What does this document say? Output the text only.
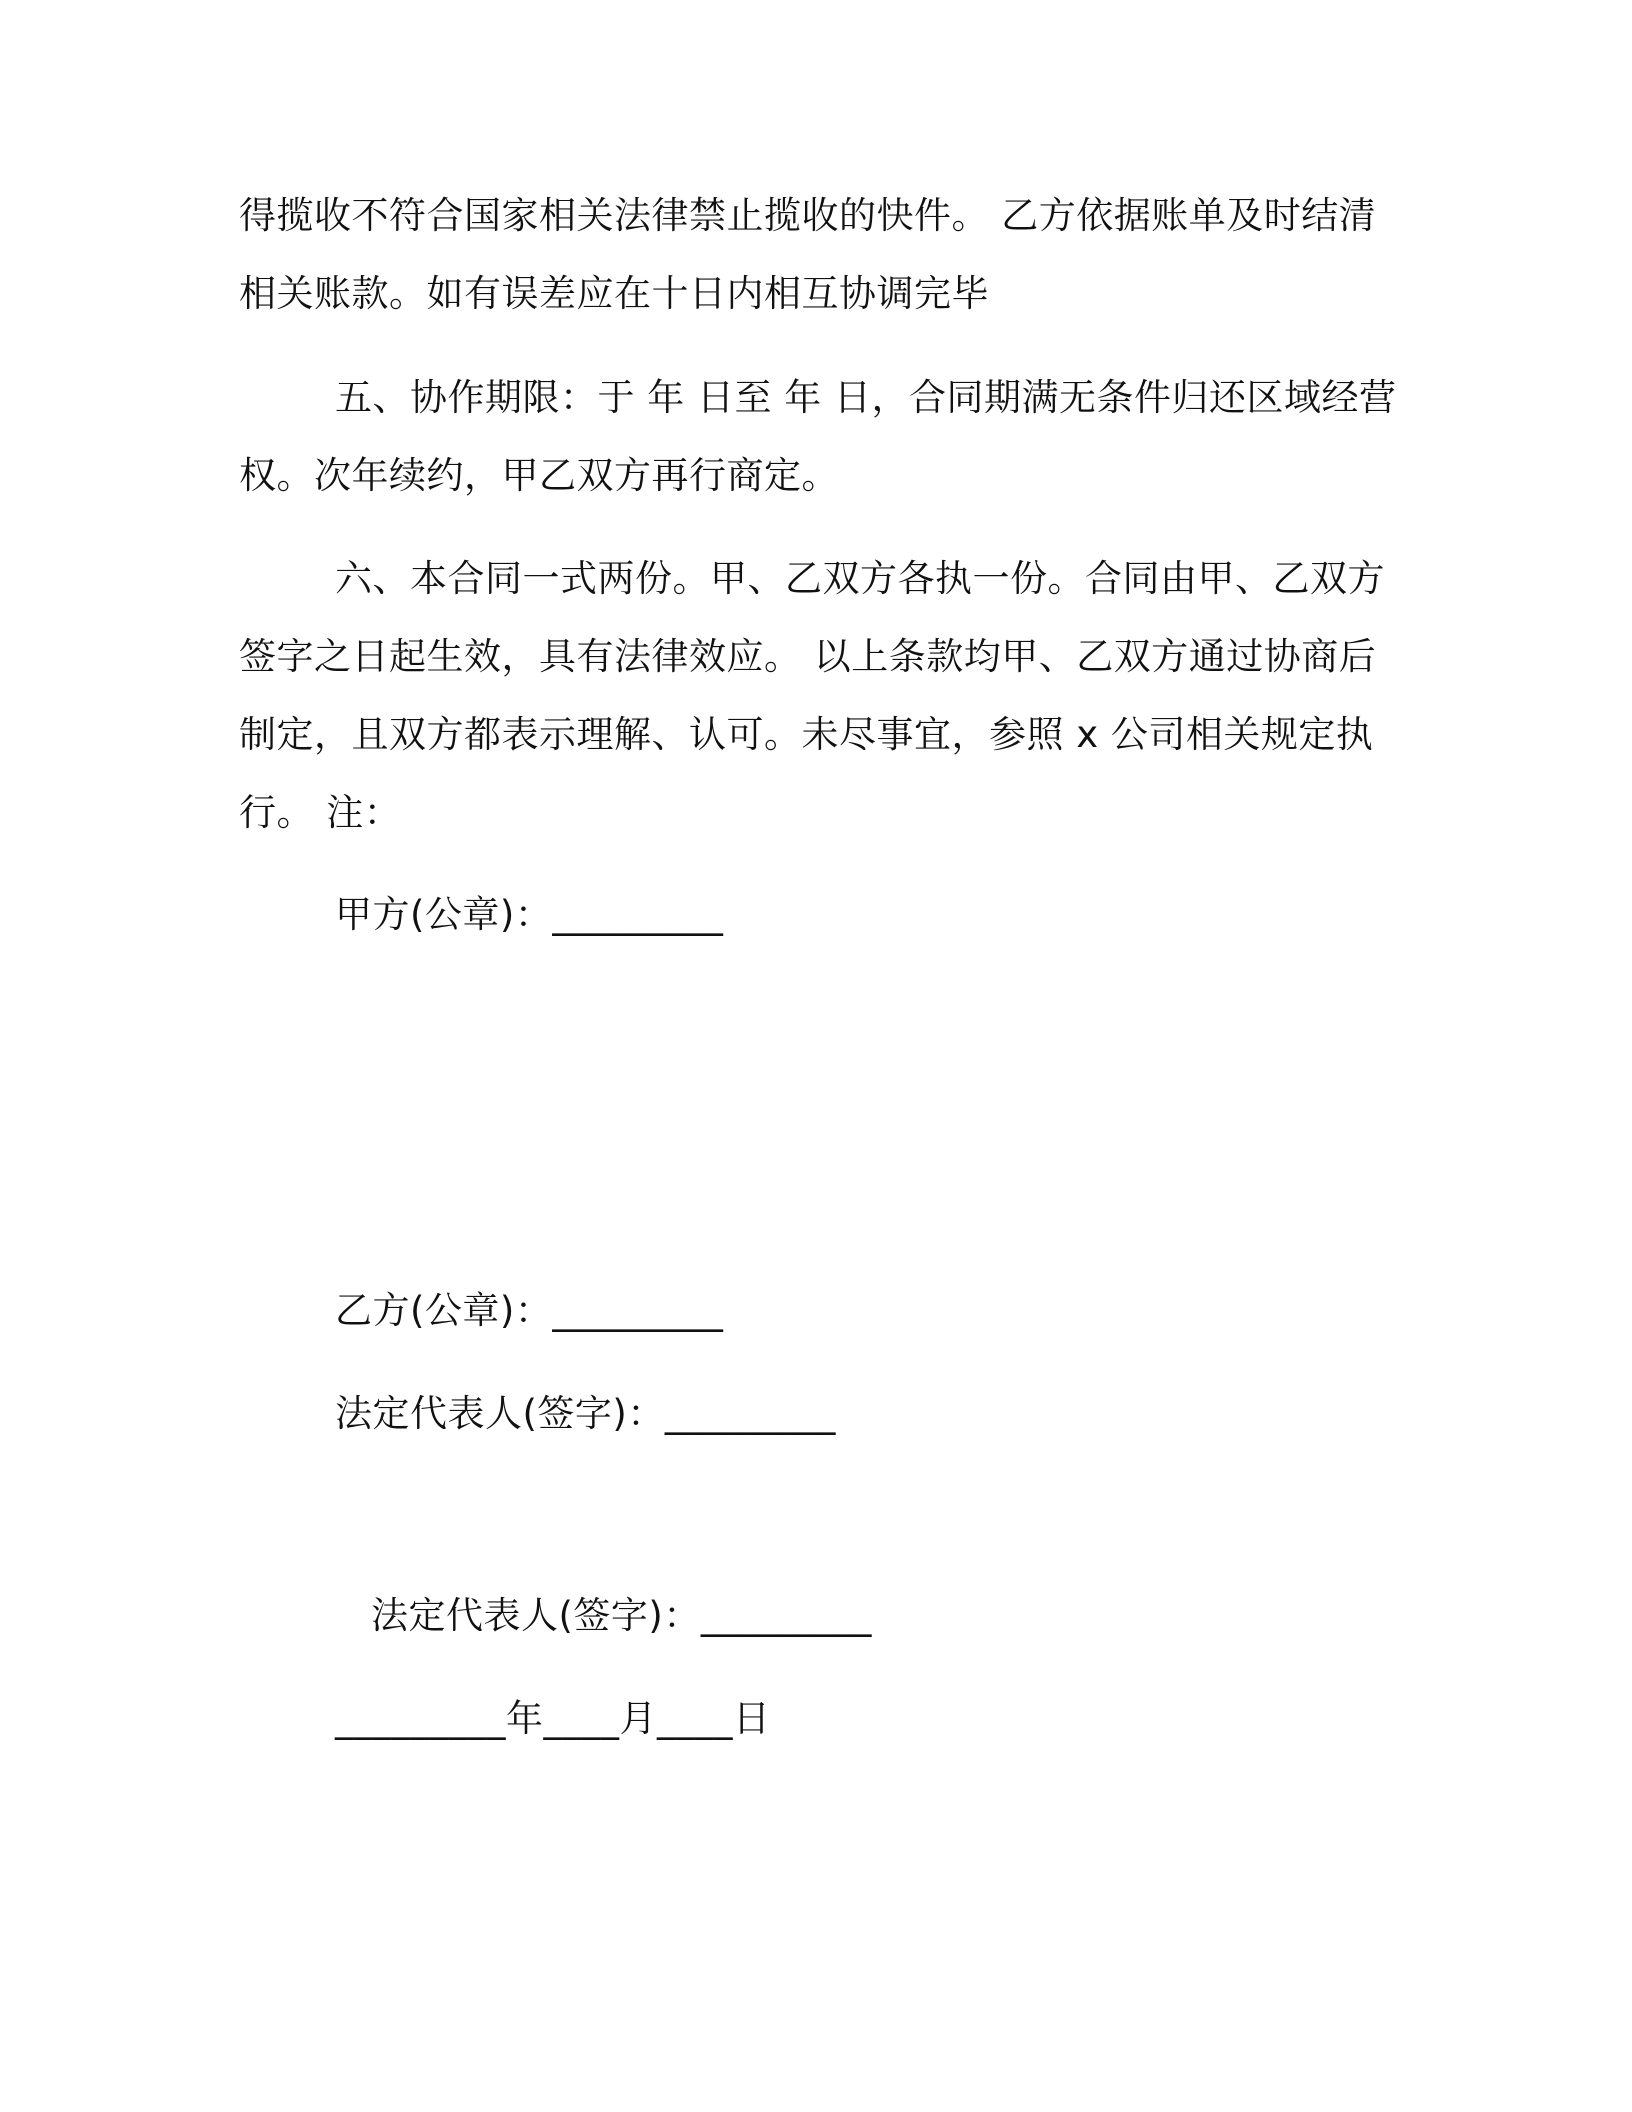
得揽收不符合国家相关法律禁止揽收的快件。 乙方依据账单及时结清
相关账款。如有误差应在十日内相互协调完毕
五、协作期限：于 年 日至 年 日，合同期满无条件归还区域经营
权。次年续约，甲乙双方再行商定。
六、本合同一式两份。甲、乙双方各执一份。合同由甲、乙双方
签字之日起生效，具有法律效应。 以上条款均甲、乙双方通过协商后
制定，且双方都表示理解、认可。未尽事宜，参照 x 公司相关规定执
行。 注：
甲方(公章)：_________
乙方(公章)：_________
法定代表人(签字)：_________
法定代表人(签字)：_________
_________年____月____日
